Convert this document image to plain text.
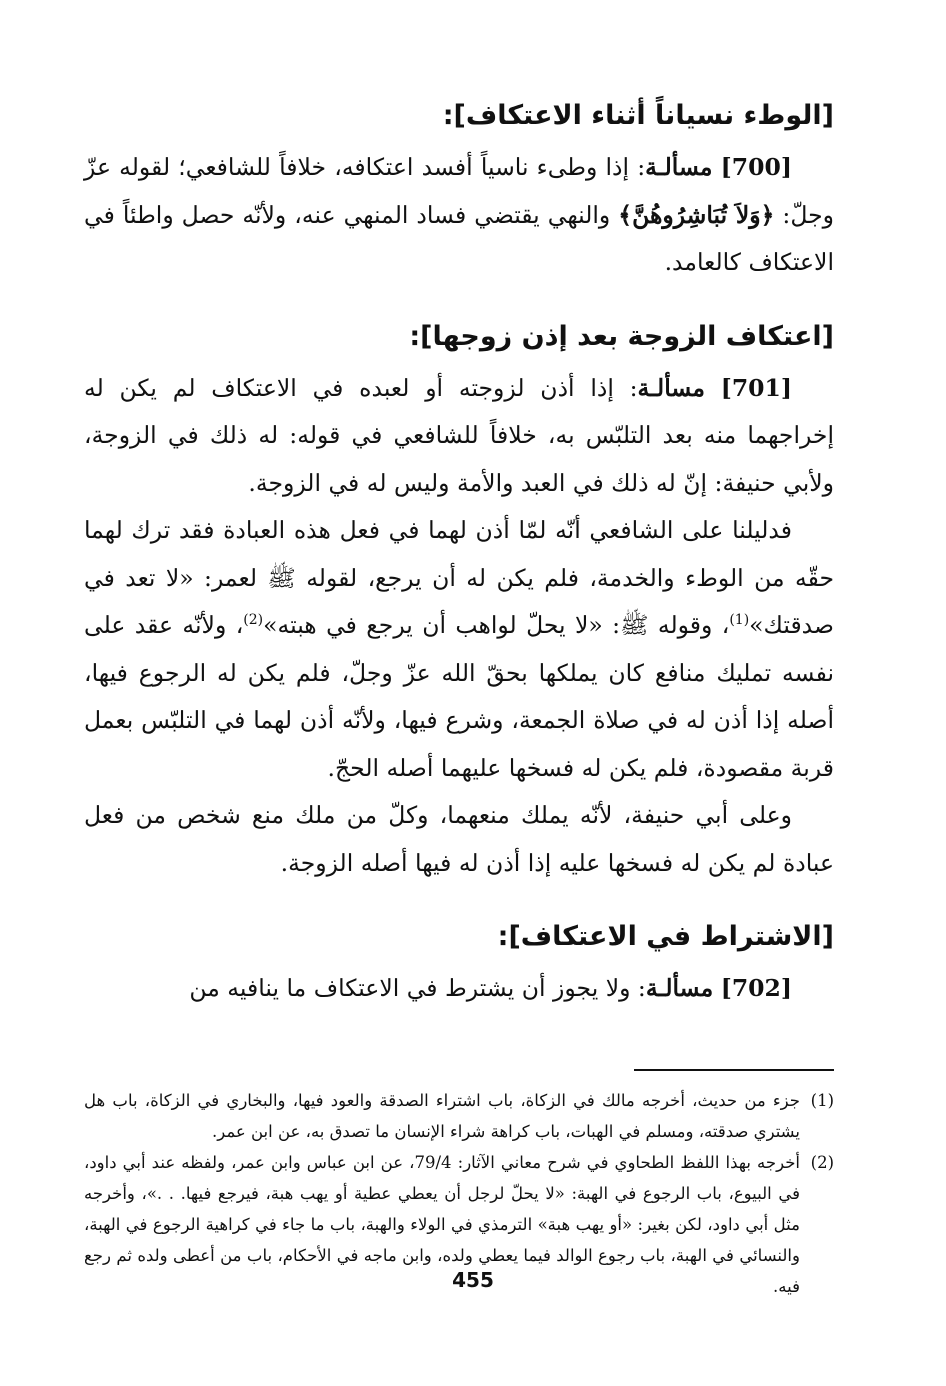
[الوطء نسياناً أثناء الاعتكاف]:

[700] مسألـة: إذا وطىء ناسياً أفسد اعتكافه، خلافاً للشافعي؛ لقوله عزّ وجلّ: ﴿وَلاَ تُبَاشِرُوهُنَّ﴾ والنهي يقتضي فساد المنهي عنه، ولأنّه حصل واطئاً في الاعتكاف كالعامد.

[اعتكاف الزوجة بعد إذن زوجها]:

[701] مسألـة: إذا أذن لزوجته أو لعبده في الاعتكاف لم يكن له إخراجهما منه بعد التلبّس به، خلافاً للشافعي في قوله: له ذلك في الزوجة، ولأبي حنيفة: إنّ له ذلك في العبد والأمة وليس له في الزوجة.

فدليلنا على الشافعي أنّه لمّا أذن لهما في فعل هذه العبادة فقد ترك لهما حقّه من الوطء والخدمة، فلم يكن له أن يرجع، لقوله ﷺ لعمر: «لا تعد في صدقتك»$^{(1)}$، وقوله ﷺ: «لا يحلّ لواهب أن يرجع في هبته»$^{(2)}$، ولأنّه عقد على نفسه تمليك منافع كان يملكها بحقّ الله عزّ وجلّ، فلم يكن له الرجوع فيها، أصله إذا أذن له في صلاة الجمعة، وشرع فيها، ولأنّه أذن لهما في التلبّس بعمل قربة مقصودة، فلم يكن له فسخها عليهما أصله الحجّ.

وعلى أبي حنيفة، لأنّه يملك منعهما، وكلّ من ملك منع شخص من فعل عبادة لم يكن له فسخها عليه إذا أذن له فيها أصله الزوجة.

[الاشتراط في الاعتكاف]:

[702] مسألـة: ولا يجوز أن يشترط في الاعتكاف ما ينافيه من

(1)
جزء من حديث، أخرجه مالك في الزكاة، باب اشتراء الصدقة والعود فيها، والبخاري في الزكاة، باب هل يشتري صدقته، ومسلم في الهبات، باب كراهة شراء الإنسان ما تصدق به، عن ابن عمر.
(2)
أخرجه بهذا اللفظ الطحاوي في شرح معاني الآثار: 79/4، عن ابن عباس وابن عمر، ولفظه عند أبي داود، في البيوع، باب الرجوع في الهبة: «لا يحلّ لرجل أن يعطي عطية أو يهب هبة، فيرجع فيها. . .»، وأخرجه مثل أبي داود، لكن بغير: «أو يهب هبة» الترمذي في الولاء والهبة، باب ما جاء في كراهية الرجوع في الهبة، والنسائي في الهبة، باب رجوع الوالد فيما يعطي ولده، وابن ماجه في الأحكام، باب من أعطى ولده ثم رجع فيه.
455
